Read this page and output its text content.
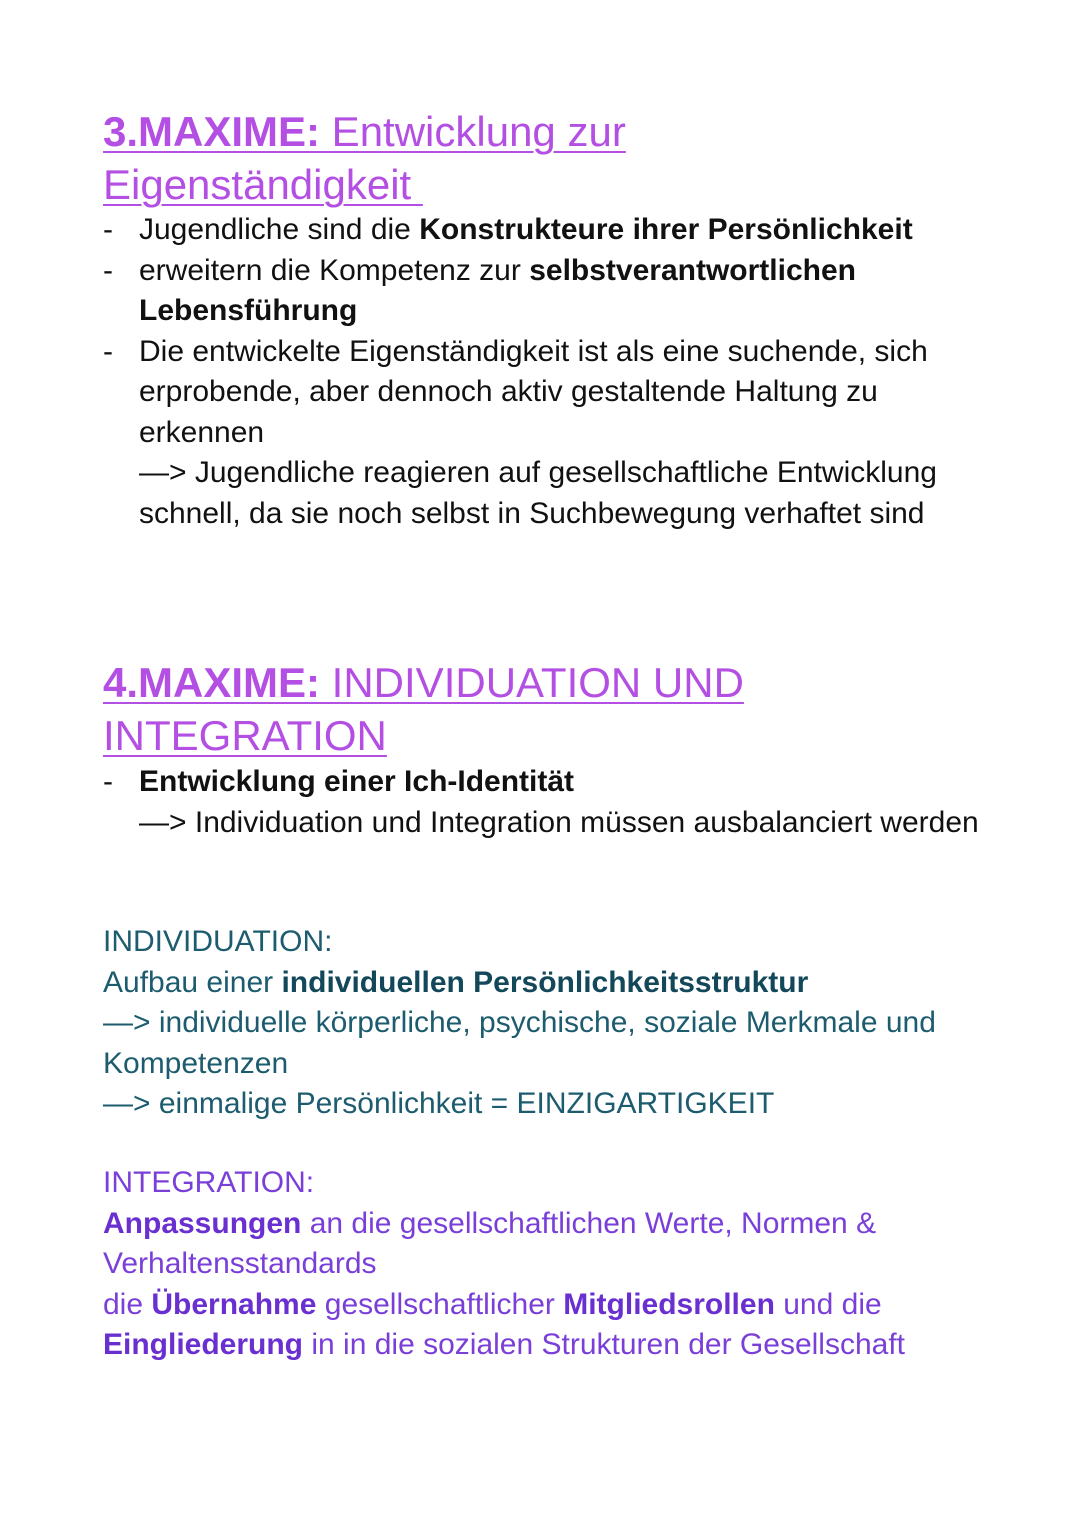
3.MAXIME: Entwicklung zur
Eigenständigkeit
- Jugendliche sind die Konstrukteure ihrer Persönlichkeit
- erweitern die Kompetenz zur selbstverantwortlichen Lebensführung
- Die entwickelte Eigenständigkeit ist als eine suchende, sich erprobende, aber dennoch aktiv gestaltende Haltung zu erkennen
—> Jugendliche reagieren auf gesellschaftliche Entwicklung schnell, da sie noch selbst in Suchbewegung verhaftet sind
4.MAXIME: INDIVIDUATION UND
INTEGRATION
- Entwicklung einer Ich-Identität
—> Individuation und Integration müssen ausbalanciert werden

INDIVIDUATION:

Aufbau einer individuellen Persönlichkeitsstruktur

—> individuelle körperliche, psychische, soziale Merkmale und Kompetenzen

—> einmalige Persönlichkeit = EINZIGARTIGKEIT

INTEGRATION:

Anpassungen an die gesellschaftlichen Werte, Normen & Verhaltensstandards

die Übernahme gesellschaftlicher Mitgliedsrollen und die

Eingliederung in in die sozialen Strukturen der Gesellschaft
